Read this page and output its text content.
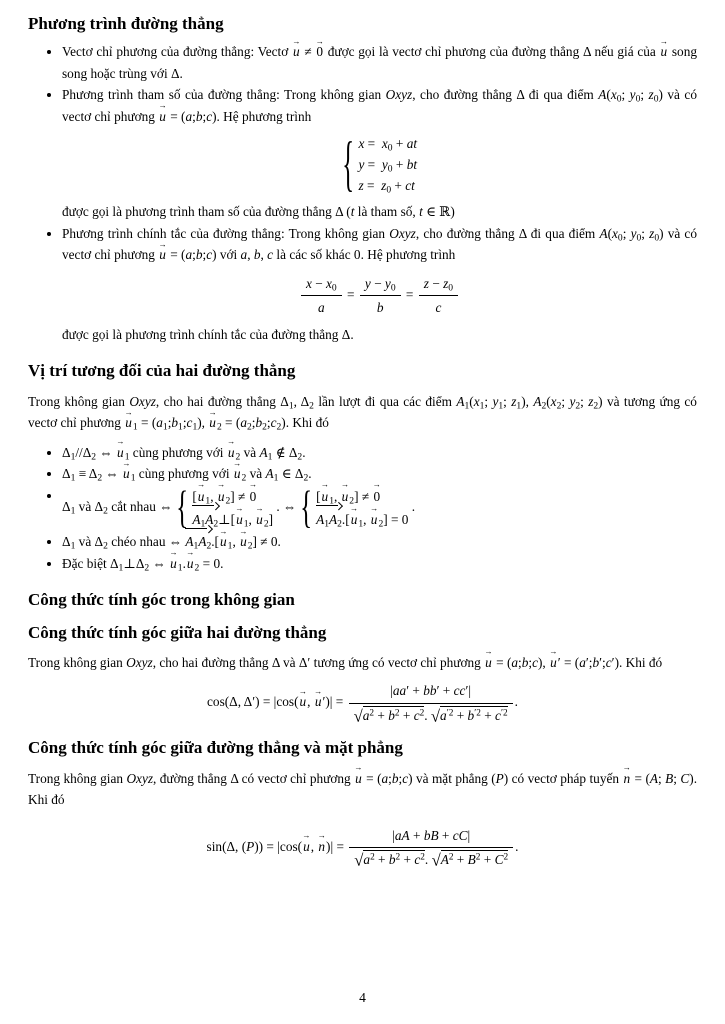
Phương trình đường thẳng
Vectơ chỉ phương của đường thẳng: Vectơ → u ≠ → 0 được gọi là vectơ chỉ phương của đường thẳng Δ nếu giá của → u song song hoặc trùng với Δ.
Phương trình tham số của đường thẳng: Trong không gian Oxyz, cho đường thẳng Δ đi qua điểm $A(x_0$; $y_0$; $z_0$) và có vectơ chỉ phương → u = (a;b;c). Hệ phương trình
{ $x = x_0$ + at
$y = y_0$ + bt
$z = z_0$ + ct
được gọi là phương trình tham số của đường thẳng Δ (t là tham số, t ∈ ℝ)
Phương trình chính tắc của đường thẳng: Trong không gian Oxyz, cho đường thẳng Δ đi qua điểm $A(x_0$; $y_0$; $z_0$) và có vectơ chỉ phương → u = (a;b;c) với a, b, c là các số khác 0. Hệ phương trình
$\frac{x - x_0}{a} = \frac{y - y_0}{b} = \frac{z - z_0}{c}$
được gọi là phương trình chính tắc của đường thẳng Δ.
Vị trí tương đối của hai đường thẳng

Trong không gian Oxyz, cho hai đường thẳng $\Delta_1$, $\Delta_2$ lần lượt đi qua các điểm $A_1(x_1$; $y_1$; $z_1$), $A_2(x_2$; $y_2$; $z_2$) và tương ứng có vectơ chỉ phương → $u_1$ = $(a_1;b_1;c_1)$, → $u_2$ = $(a_2;b_2;c_2)$. Khi đó

$\Delta_1//\Delta_2$ ⇔ → $u_1$ cùng phương với → $u_2$ và $A_1$ ∉ $\Delta_2$.
$\Delta_1 \equiv \Delta_2$ ⇔ → $u_1$ cùng phương với → $u_2$ và $A_1$ ∈ $\Delta_2$.
$\Delta_1$ và $\Delta_2$ cắt nhau ⇔ { [→ $u_1$, → $u_2$] ≠ → 0
$A_1A_2\perp[\to u_1$, → $u_2$]
. ⇔ { [→ $u_1$, → $u_2$] ≠ → 0
$A_1A_2.[\to u_1$, → $u_2] = 0$
.
$\Delta_1$ và $\Delta_2$ chéo nhau ⇔ $A_1A_2.[\to u_1$, → $u_2] \ne 0$.
Đặc biệt $\Delta_1\perp\Delta_2$ ⇔ → $u_1.\to u_2 = 0$.
Công thức tính góc trong không gian
Công thức tính góc giữa hai đường thẳng

Trong không gian Oxyz, cho hai đường thẳng Δ và Δ′ tương ứng có vectơ chỉ phương → u = (a;b;c), → u′ = (a′;b′;c′). Khi đó

cos(Δ, Δ′) = |cos(→ u, → $u')| = \frac{|aa' + bb' + cc'|}{√a^2 + b^2 + c^2. √a^{'2} + b^{'2} + c^{'2}}$ .
Công thức tính góc giữa đường thẳng và mặt phẳng

Trong không gian Oxyz, đường thẳng Δ có vectơ chỉ phương → u = (a;b;c) và mặt phẳng (P) có vectơ pháp tuyến → n = (A; B; C). Khi đó

sin(Δ, (P)) = |cos(→ u, → $n)| = \frac{|aA + bB + cC|}{√a^2 + b^2 + c^2. √A^2 + B^2 + C^2}$ .
4
